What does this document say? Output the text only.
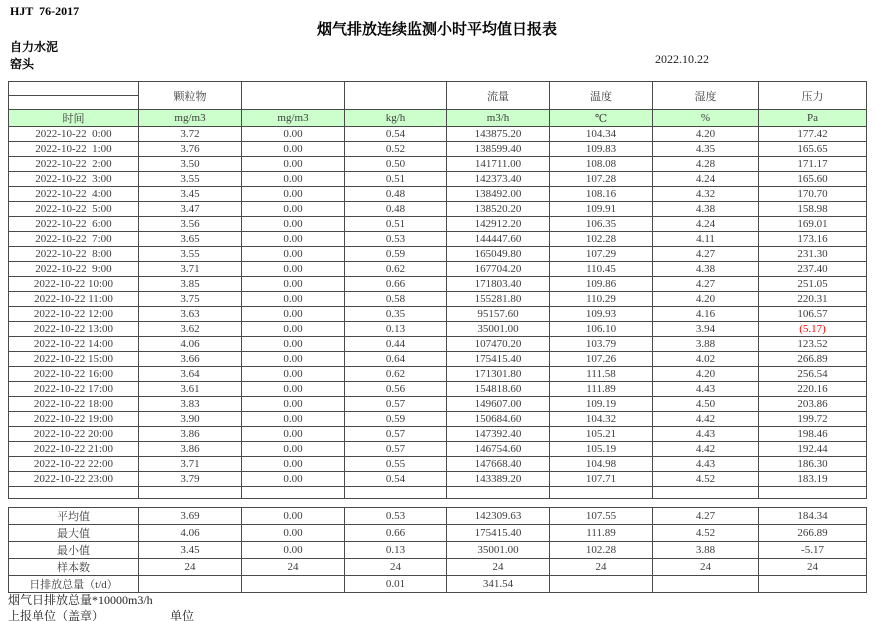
HJT  76-2017
烟气排放连续监测小时平均值日报表
自力水泥
窑头	2022.10.22
	颗粒物			流量	温度	湿度	压力

时间	mg/m3	mg/m3	kg/h	m3/h	℃	%	Pa
2022-10-22  0:00	3.72	0.00	0.54	143875.20	104.34	4.20	177.42
2022-10-22  1:00	3.76	0.00	0.52	138599.40	109.83	4.35	165.65
2022-10-22  2:00	3.50	0.00	0.50	141711.00	108.08	4.28	171.17
2022-10-22  3:00	3.55	0.00	0.51	142373.40	107.28	4.24	165.60
2022-10-22  4:00	3.45	0.00	0.48	138492.00	108.16	4.32	170.70
2022-10-22  5:00	3.47	0.00	0.48	138520.20	109.91	4.38	158.98
2022-10-22  6:00	3.56	0.00	0.51	142912.20	106.35	4.24	169.01
2022-10-22  7:00	3.65	0.00	0.53	144447.60	102.28	4.11	173.16
2022-10-22  8:00	3.55	0.00	0.59	165049.80	107.29	4.27	231.30
2022-10-22  9:00	3.71	0.00	0.62	167704.20	110.45	4.38	237.40
2022-10-22 10:00	3.85	0.00	0.66	171803.40	109.86	4.27	251.05
2022-10-22 11:00	3.75	0.00	0.58	155281.80	110.29	4.20	220.31
2022-10-22 12:00	3.63	0.00	0.35	95157.60	109.93	4.16	106.57
2022-10-22 13:00	3.62	0.00	0.13	35001.00	106.10	3.94	(5.17)
2022-10-22 14:00	4.06	0.00	0.44	107470.20	103.79	3.88	123.52
2022-10-22 15:00	3.66	0.00	0.64	175415.40	107.26	4.02	266.89
2022-10-22 16:00	3.64	0.00	0.62	171301.80	111.58	4.20	256.54
2022-10-22 17:00	3.61	0.00	0.56	154818.60	111.89	4.43	220.16
2022-10-22 18:00	3.83	0.00	0.57	149607.00	109.19	4.50	203.86
2022-10-22 19:00	3.90	0.00	0.59	150684.60	104.32	4.42	199.72
2022-10-22 20:00	3.86	0.00	0.57	147392.40	105.21	4.43	198.46
2022-10-22 21:00	3.86	0.00	0.57	146754.60	105.19	4.42	192.44
2022-10-22 22:00	3.71	0.00	0.55	147668.40	104.98	4.43	186.30
2022-10-22 23:00	3.79	0.00	0.54	143389.20	107.71	4.52	183.19

平均值	3.69	0.00	0.53	142309.63	107.55	4.27	184.34
最大值	4.06	0.00	0.66	175415.40	111.89	4.52	266.89
最小值	3.45	0.00	0.13	35001.00	102.28	3.88	-5.17
样本数	24	24	24	24	24	24	24
日排放总量（t/d）			0.01	341.54			
烟气日排放总量*10000m3/h
上报单位（盖章）	单位
